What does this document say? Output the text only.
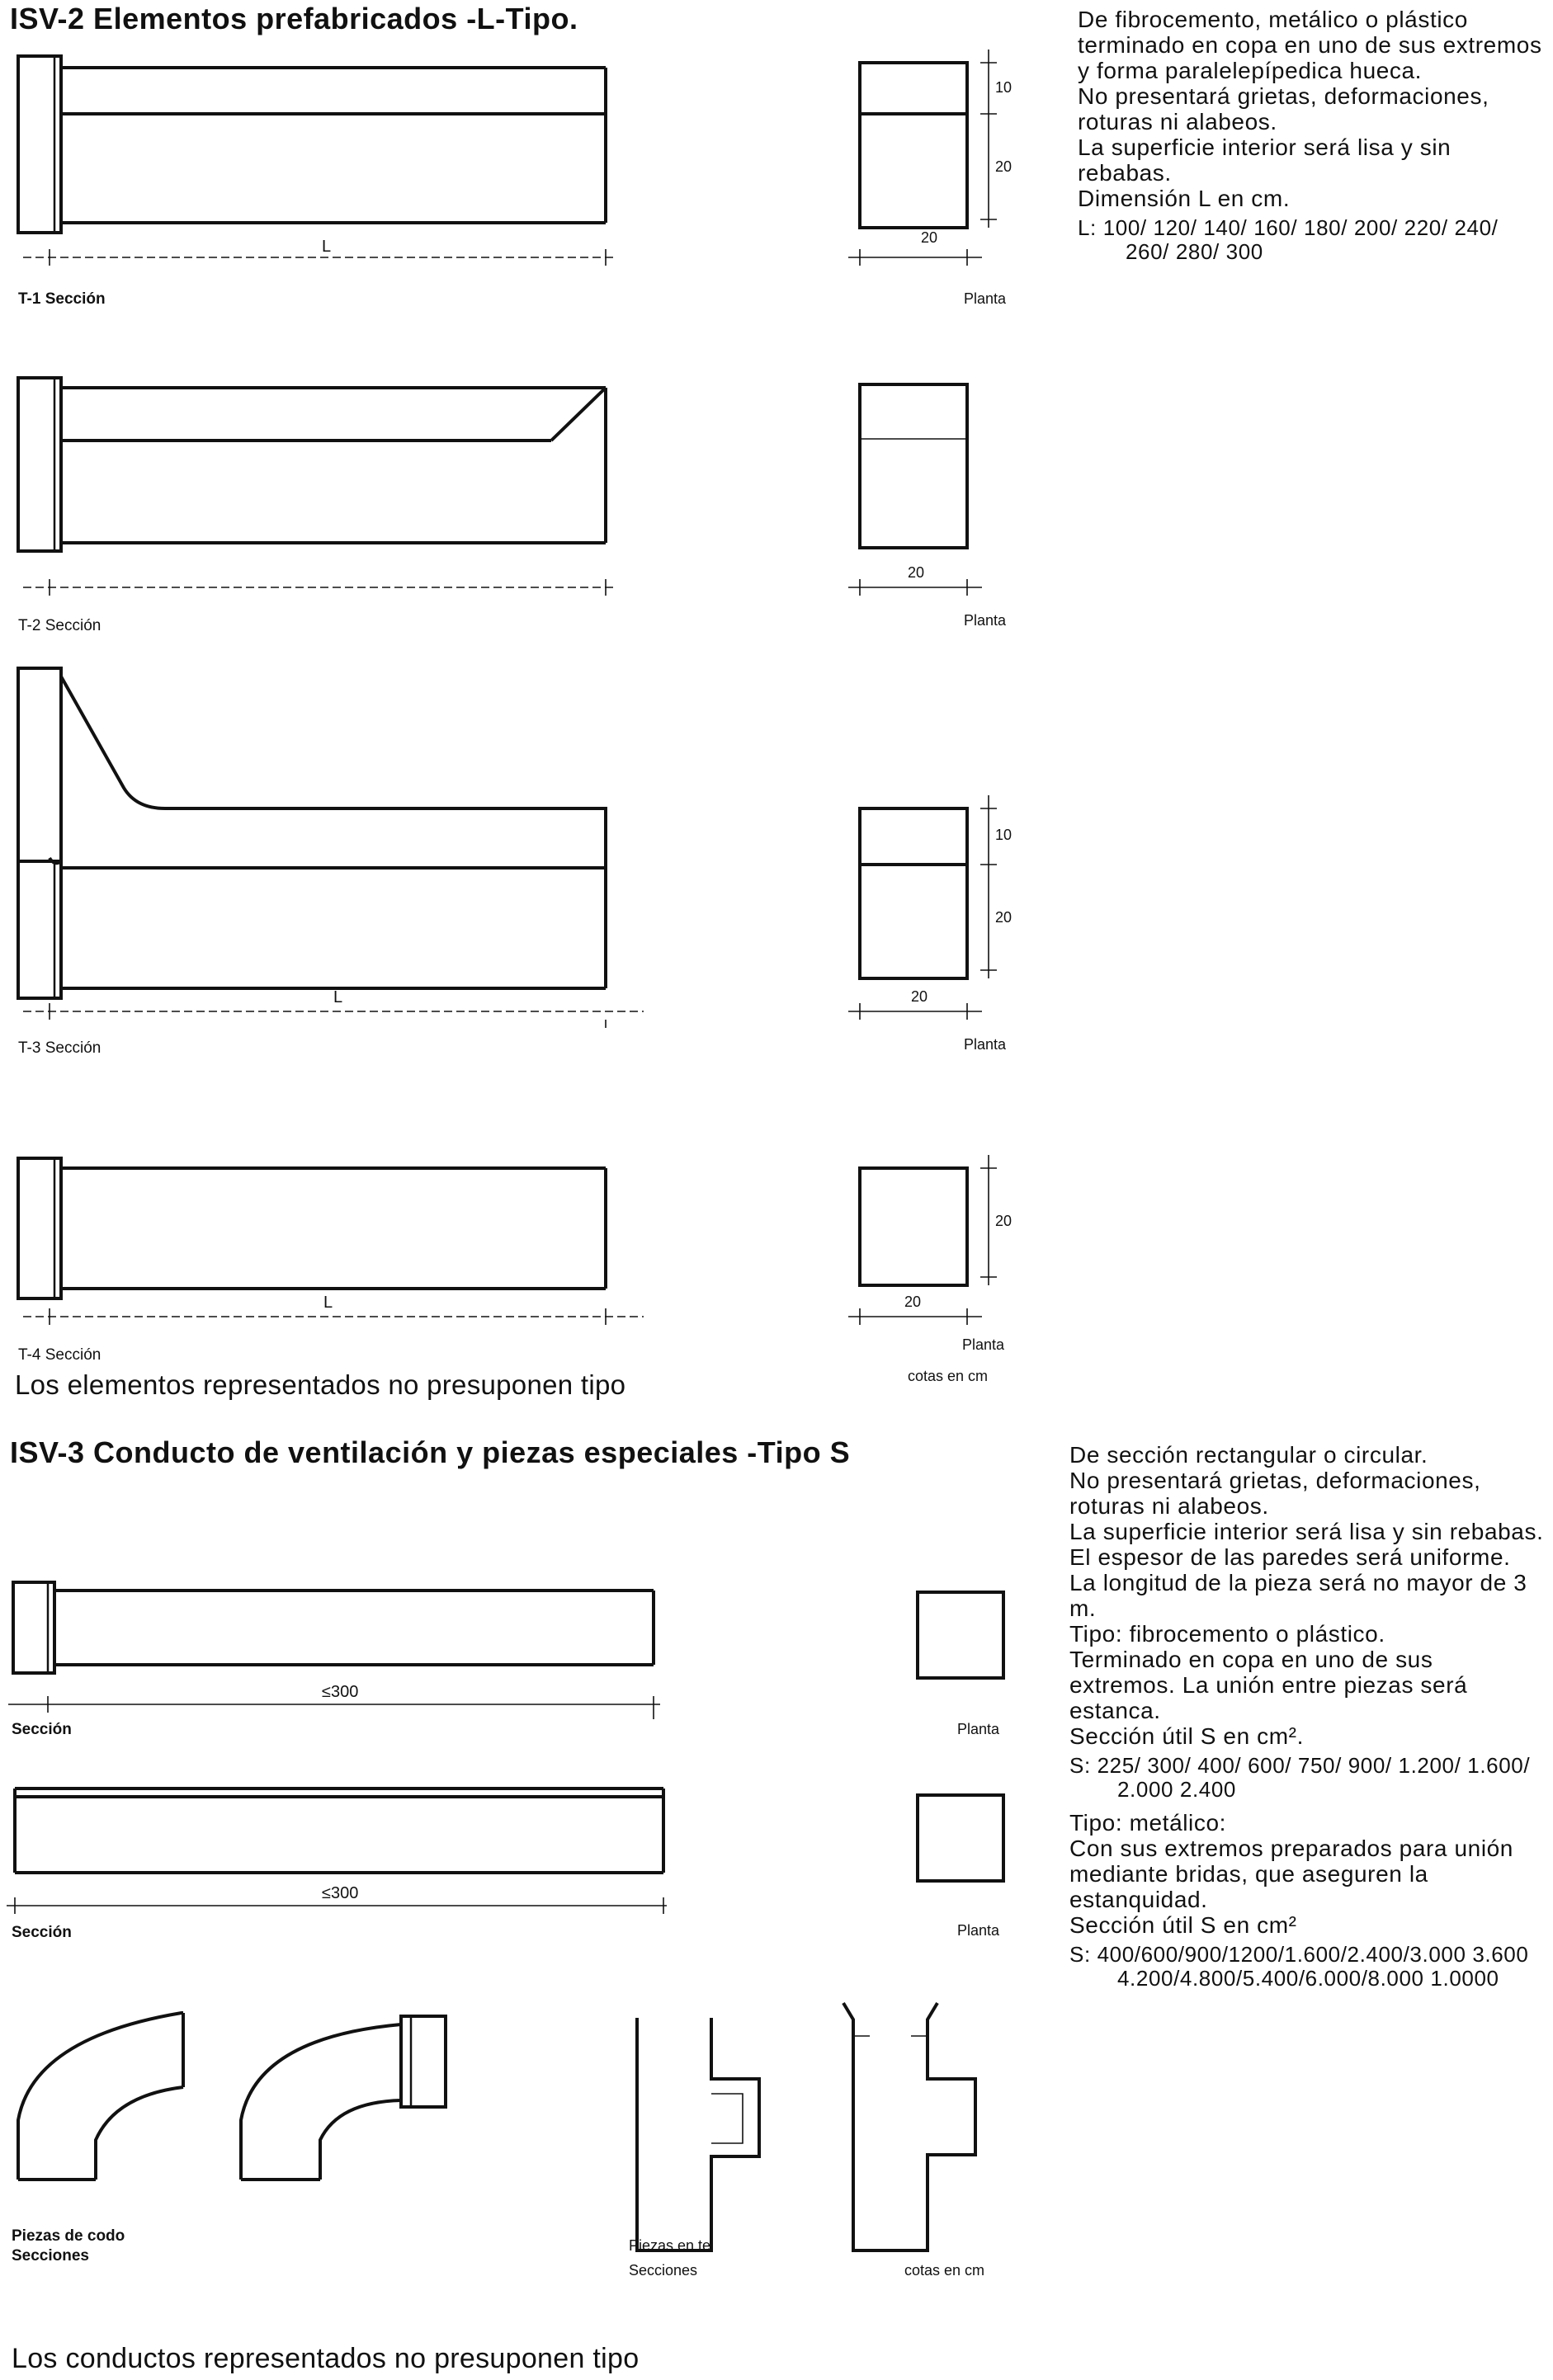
ISV-2 Elementos prefabricados -L-Tipo.	De fibrocemento, metálico o plástico terminado en copa en uno de sus extremos y forma paralelepípedica hueca.

No presentará grietas, deformaciones, roturas ni alabeos.

La superficie interior será lisa y sin rebabas.

Dimensión L en cm.

L: 100/ 120/ 140/ 160/ 180/ 200/ 220/ 240/ 260/ 280/ 300

L
T-1 Sección
20
10
20
Planta
T-2 Sección
20
Planta
L
T-3 Sección
20
10
20
Planta
L
T-4 Sección
20
20
Planta
cotas en cm
Los elementos representados no presuponen tipo
ISV-3 Conducto de ventilación y piezas especiales -Tipo S	De sección rectangular o circular.

No presentará grietas, deformaciones, roturas ni alabeos.

La superficie interior será lisa y sin rebabas.

El espesor de las paredes será uniforme.

La longitud de la pieza será no mayor de 3 m.

Tipo: fibrocemento o plástico.

Terminado en copa en uno de sus extremos. La unión entre piezas será estanca.

Sección útil S en cm².

S: 225/ 300/ 400/ 600/ 750/ 900/ 1.200/ 1.600/ 2.000 2.400

Tipo: metálico:

Con sus extremos preparados para unión mediante bridas, que aseguren la estanquidad.

Sección útil S en cm²

S: 400/600/900/1200/1.600/2.400/3.000 3.600 4.200/4.800/5.400/6.000/8.000 1.0000

≤300
Sección	Planta
≤300
Sección	Planta
Piezas de codo
Secciones
Piezas en te
Secciones	cotas en cm
Los conductos representados no presuponen tipo
